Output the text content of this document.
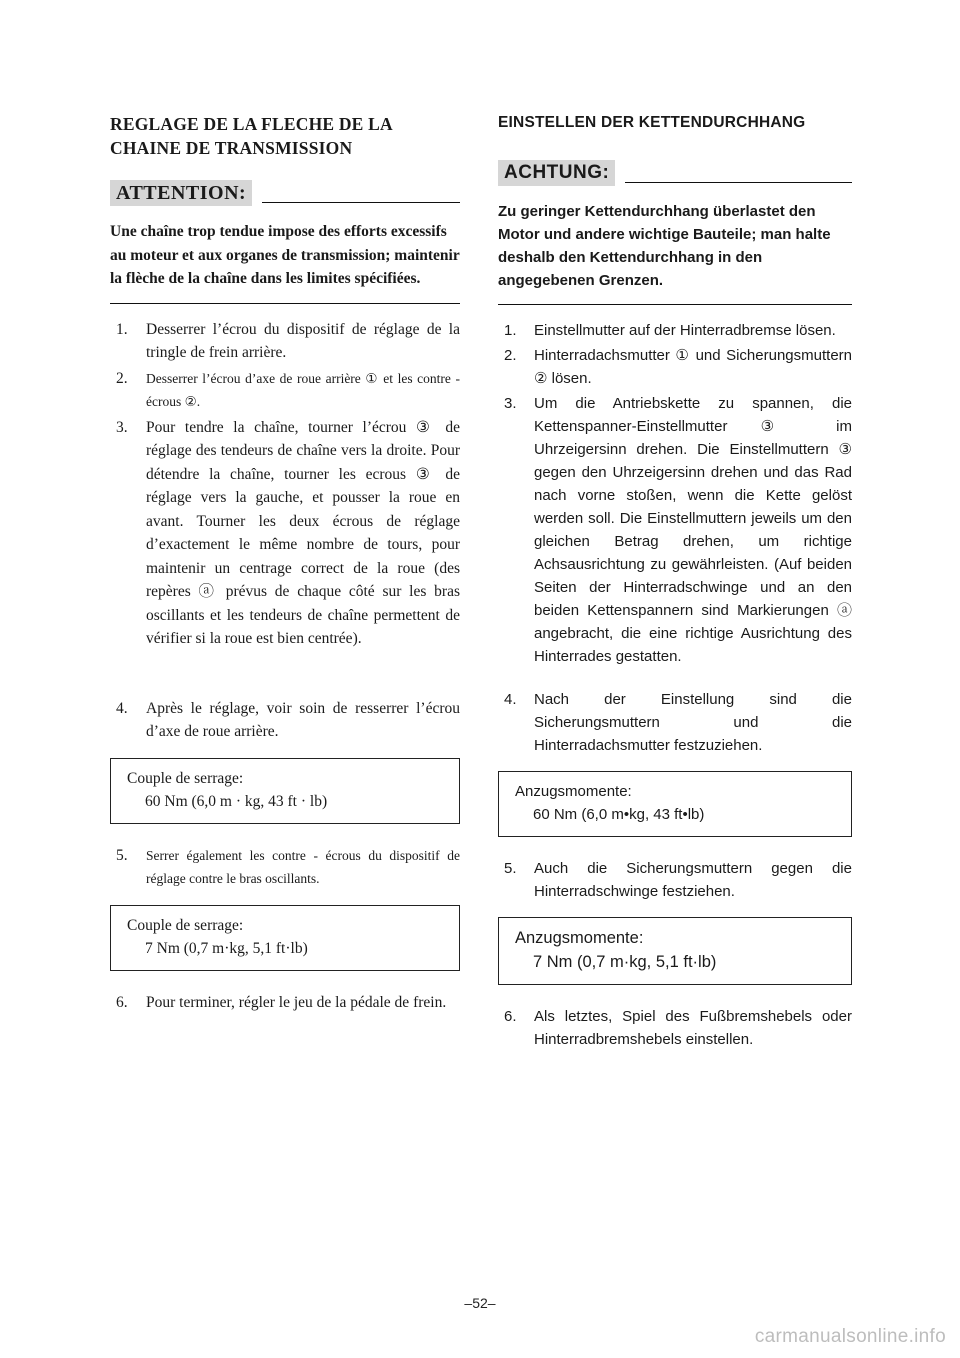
REGLAGE DE LA FLECHE DE LA
CHAINE DE TRANSMISSION
ATTENTION:
Une chaîne trop tendue impose des efforts excessifs au moteur et aux organes de transmission; maintenir la flèche de la chaîne dans les limites spécifiées.
1.	Desserrer l’écrou du dispositif de réglage de la tringle de frein arrière.
2.	Desserrer l’écrou d’axe de roue arrière ① et les contre - écrous ②.
3.	Pour tendre la chaîne, tourner l’écrou ③ de réglage des tendeurs de chaîne vers la droite. Pour détendre la chaîne, tourner les ecrous ③ de réglage vers la gauche, et pousser la roue en avant. Tourner les deux écrous de réglage d’exactement le même nombre de tours, pour maintenir un centrage correct de la roue (des repères ⓐ prévus de chaque côté sur les bras oscillants et les tendeurs de chaîne permettent de vérifier si la roue est bien centrée).
4.	Après le réglage, voir soin de resserrer l’écrou d’axe de roue arrière.
Couple de serrage:
60 Nm (6,0 m · kg, 43 ft · lb)
5.	Serrer également les contre - écrous du dispositif de réglage contre le bras oscillants.
Couple de serrage:
7 Nm (0,7 m·kg, 5,1 ft·lb)
6.	Pour terminer, régler le jeu de la pédale de frein.
EINSTELLEN DER KETTENDURCHHANG
ACHTUNG:
Zu geringer Kettendurchhang überlastet den Motor und andere wichtige Bauteile; man halte deshalb den Kettendurchhang in den angegebenen Grenzen.
1.	Einstellmutter auf der Hinterradbremse lösen.
2.	Hinterradachsmutter ① und Sicherungsmuttern ② lösen.
3.	Um die Antriebskette zu spannen, die Kettenspanner-Einstellmutter ③ im Uhrzeigersinn drehen. Die Einstellmuttern ③ gegen den Uhrzeigersinn drehen und das Rad nach vorne stoßen, wenn die Kette gelöst werden soll. Die Einstellmuttern jeweils um den gleichen Betrag drehen, um richtige Achsausrichtung zu gewährleisten. (Auf beiden Seiten der Hinterradschwinge und an den beiden Kettenspannern sind Markierungen ⓐ angebracht, die eine richtige Ausrichtung des Hinterrades gestatten.
4.	Nach der Einstellung sind die Sicherungsmuttern und die Hinterradachsmutter festzuziehen.
Anzugsmomente:
60 Nm (6,0 m•kg, 43 ft•lb)
5.	Auch die Sicherungsmuttern gegen die Hinterradschwinge festziehen.
Anzugsmomente:
7 Nm (0,7 m·kg, 5,1 ft·lb)
6.	Als letztes, Spiel des Fußbremshebels oder Hinterradbremshebels einstellen.
–52–
carmanualsonline.info
